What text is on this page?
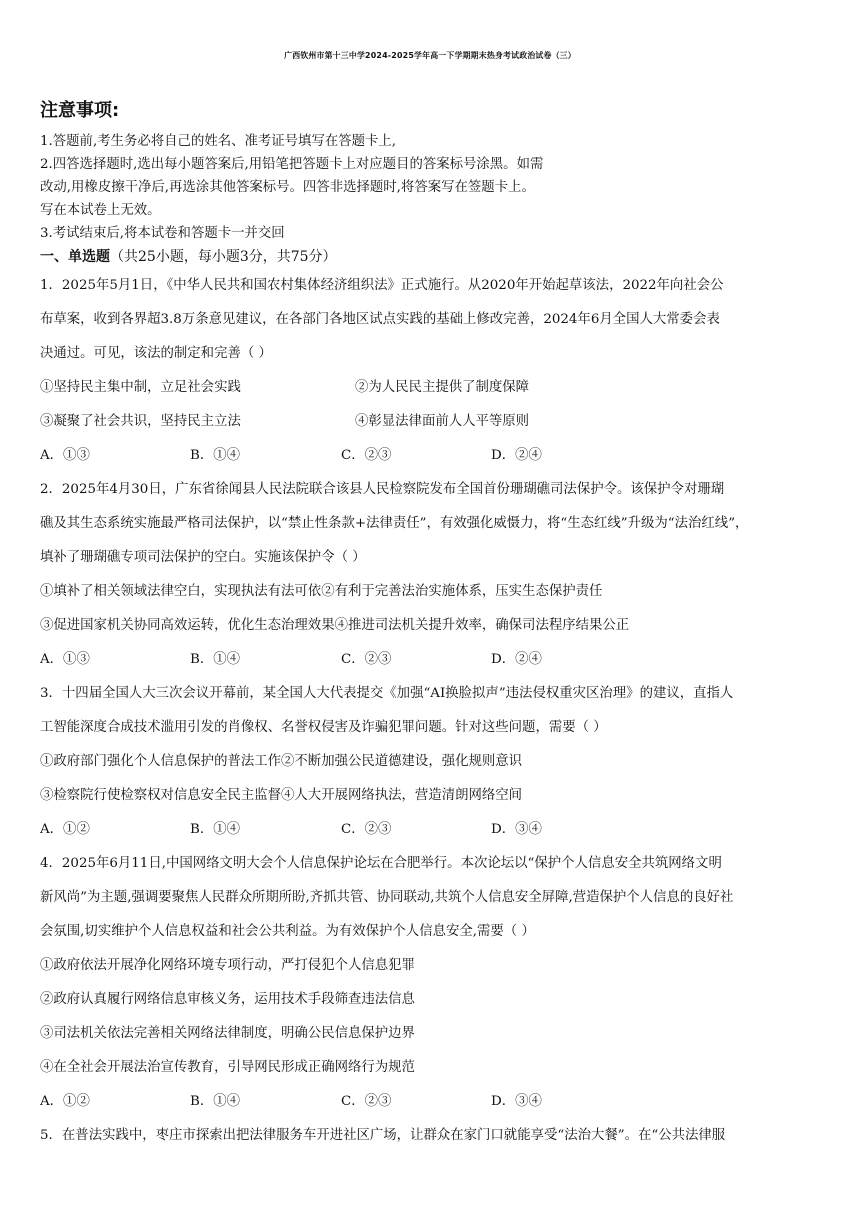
广西钦州市第十三中学2024-2025学年高一下学期期末热身考试政治试卷（三）
注意事项:
1.答题前,考生务必将自己的姓名、准考证号填写在答题卡上,
2.四答选择题时,选出每小题答案后,用铅笔把答题卡上对应题目的答案标号涂黑。如需
改动,用橡皮擦干净后,再选涂其他答案标号。四答非选择题时,将答案写在签题卡上。
写在本试卷上无效。
3.考试结束后,将本试卷和答题卡一并交回
一、单选题（共25小题，每小题3分，共75分）
1．2025年5月1日，《中华人民共和国农村集体经济组织法》正式施行。从2020年开始起草该法，2022年向社会公
布草案，收到各界超3.8万条意见建议，在各部门各地区试点实践的基础上修改完善，2024年6月全国人大常委会表
决通过。可见，该法的制定和完善（ ）
①坚持民主集中制，立足社会实践	②为人民民主提供了制度保障
③凝聚了社会共识，坚持民主立法	④彰显法律面前人人平等原则
A．①③	B．①④	C．②③	D．②④
2．2025年4月30日，广东省徐闻县人民法院联合该县人民检察院发布全国首份珊瑚礁司法保护令。该保护令对珊瑚
礁及其生态系统实施最严格司法保护，以“禁止性条款+法律责任”，有效强化威慑力，将“生态红线”升级为“法治红线”，
填补了珊瑚礁专项司法保护的空白。实施该保护令（ ）
①填补了相关领域法律空白，实现执法有法可依②有利于完善法治实施体系，压实生态保护责任
③促进国家机关协同高效运转，优化生态治理效果④推进司法机关提升效率，确保司法程序结果公正
A．①③	B．①④	C．②③	D．②④
3．十四届全国人大三次会议开幕前，某全国人大代表提交《加强“AI换脸拟声”违法侵权重灾区治理》的建议，直指人
工智能深度合成技术滥用引发的肖像权、名誉权侵害及诈骗犯罪问题。针对这些问题，需要（ ）
①政府部门强化个人信息保护的普法工作②不断加强公民道德建设，强化规则意识
③检察院行使检察权对信息安全民主监督④人大开展网络执法，营造清朗网络空间
A．①②	B．①④	C．②③	D．③④
4．2025年6月11日,中国网络文明大会个人信息保护论坛在合肥举行。本次论坛以“保护个人信息安全共筑网络文明
新风尚”为主题,强调要聚焦人民群众所期所盼,齐抓共管、协同联动,共筑个人信息安全屏障,营造保护个人信息的良好社
会氛围,切实维护个人信息权益和社会公共利益。为有效保护个人信息安全,需要（ ）
①政府依法开展净化网络环境专项行动，严打侵犯个人信息犯罪
②政府认真履行网络信息审核义务，运用技术手段筛查违法信息
③司法机关依法完善相关网络法律制度，明确公民信息保护边界
④在全社会开展法治宣传教育，引导网民形成正确网络行为规范
A．①②	B．①④	C．②③	D．③④
5．在普法实践中，枣庄市探索出把法律服务车开进社区广场，让群众在家门口就能享受“法治大餐”。在“公共法律服
